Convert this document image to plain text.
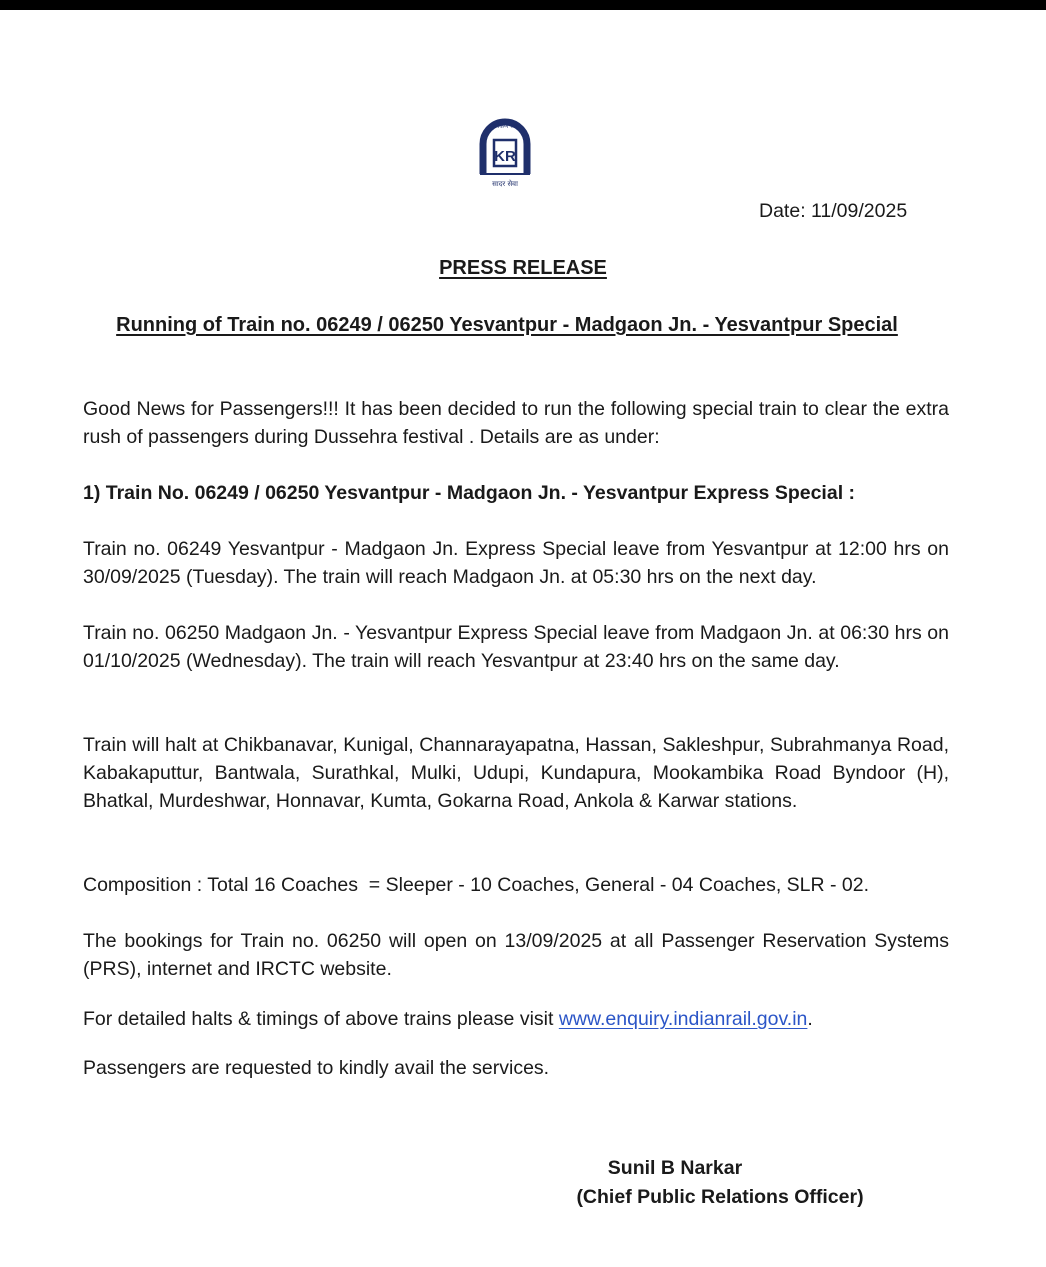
कोंकण रेल
KR
सादर सेवा
Date: 11/09/2025
PRESS RELEASE
Running of Train no. 06249 / 06250 Yesvantpur - Madgaon Jn. - Yesvantpur Special
Good News for Passengers!!! It has been decided to run the following special train to clear the extra rush of passengers during Dussehra festival . Details are as under:
1) Train No. 06249 / 06250 Yesvantpur - Madgaon Jn. - Yesvantpur Express Special :
Train no. 06249 Yesvantpur - Madgaon Jn. Express Special leave from Yesvantpur at 12:00 hrs on 30/09/2025 (Tuesday). The train will reach Madgaon Jn. at 05:30 hrs on the next day.
Train no. 06250 Madgaon Jn. - Yesvantpur Express Special leave from Madgaon Jn. at 06:30 hrs on 01/10/2025 (Wednesday). The train will reach Yesvantpur at 23:40 hrs on the same day.
Train will halt at Chikbanavar, Kunigal, Channarayapatna, Hassan, Sakleshpur, Subrahmanya Road, Kabakaputtur, Bantwala, Surathkal, Mulki, Udupi, Kundapura, Mookambika Road Byndoor (H), Bhatkal, Murdeshwar, Honnavar, Kumta, Gokarna Road, Ankola & Karwar stations.
Composition : Total 16 Coaches  = Sleeper - 10 Coaches, General - 04 Coaches, SLR - 02.
The bookings for Train no. 06250 will open on 13/09/2025 at all Passenger Reservation Systems (PRS), internet and IRCTC website.
For detailed halts & timings of above trains please visit www.enquiry.indianrail.gov.in.
Passengers are requested to kindly avail the services.
Sunil B Narkar
(Chief Public Relations Officer)
